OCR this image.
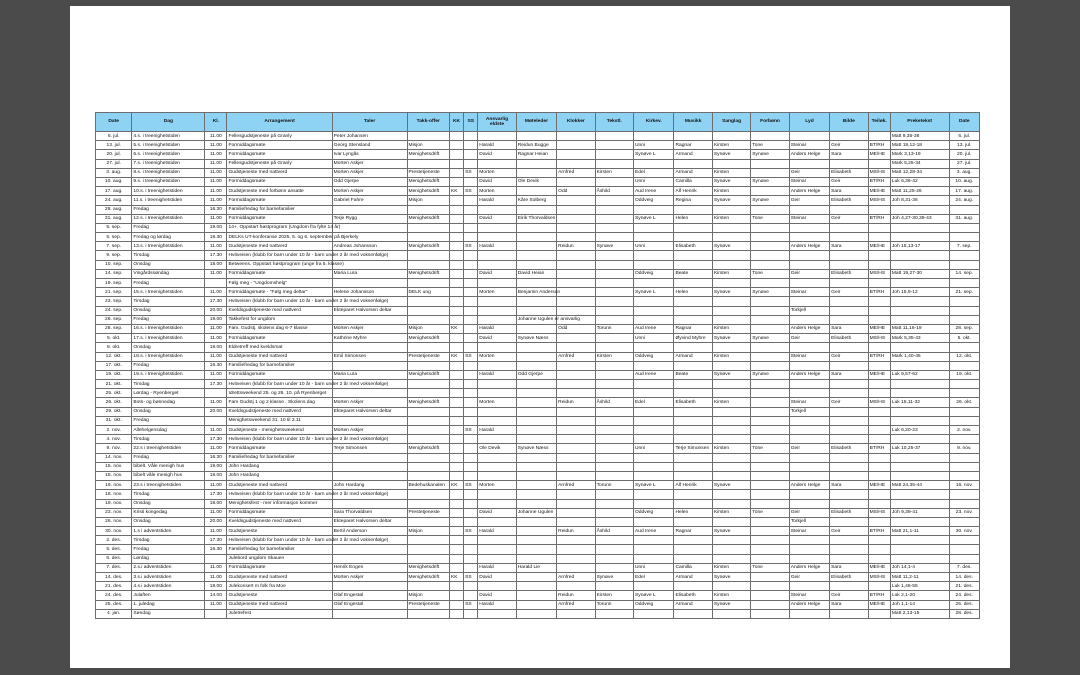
Date	Dag	Kl.	Arrangement	Taler	Takk-offer	KK	SS	Ansvarlig eldste	Møteleder	Klokker	Tekstl.	Kirkev.	Musikk	Sanglag	Forbønn	Lyd	Bilde	Teiløk.	Preketekst	Date
6. jul.	4.s. i treenighetstiden	11.00	Fellesgudstjeneste på Granly	Peter Johansen															Matt 9,35-38	6. jul.
13. jul.	5.s. i treenighetstiden	11.00	Formiddagsmøte	Georg Stensland	Misjon			Harald	Reidun Bugge			Unni	Ragnar	Kirsten	Tone	Steinar	Geir	BT/RH	Matt 18,12-18	13. jul.
20. jul.	6.s. i treenighetstiden	11.00	Formiddagsmøte	Ivar Lyngås	Menighetsdrift			David	Ragnar Heian			Synøve L	Armand	Synøve	Synøve	Anders Helge	Sara	ME/HE	Mark 3,13-19	20. jul.
27. jul.	7.s. i treenighetstiden	11.00	Fellesgudstjeneste på Granly	Morten Askjer															Mark 5,25-34	27. jul.
3. aug.	8.s. i treenighetstiden	11.00	Gudstjeneste med nattverd	Morten Askjer	Prestetjeneste		SS	Morten		Arnfred	Kirsten	Edel	Armand	Kirsten		Geir	Elisabeth	MS/HS	Matt 12,28-34	3. aug.
10. aug.	9.s. i treenighetstiden	11.00	Formiddagsmøte	Odd Gjerpe	Menighetsdrift			David	Ole Devik			Unni	Camilla	Synøve	Synøve	Steinar	Geir	BT/RH	Luk 6,36-42	10. aug.
17. aug.	10.s. i treenighetstiden	11.00	Gudstjeneste med forbønn ansatte	Morten Askjer	Menighetsdrift	KK	SS	Morten		Odd	Åshild	Aud Irene	Alf Henrik	Kirsten		Anders Helge	Sara	ME/HE	Matt 11,25-26	17. aug.
24. aug.	11.s. i treenighetstiden	11.00	Formiddagsmøte	Gabriel Fahre	Misjon			Harald	Kåre Solberg			Oddveig	Regina	Synøve	Synøve	Geir	Elisabeth	MS/HS	Joh 8,31-36	24. aug.
29. aug.	Fredag	16.30	Familiefredag for barnefamilier																	
31. aug.	12.s. i treenighetstiden	11.00	Formiddagsmøte	Terje Rygg	Menighetsdrift			David	Eirik Thorvaldsen			Synøve L	Helen	Kirsten	Tone	Steinar	Geir	BT/RH	Joh 4,27-30,39-43	31. aug.
5. sep.	Fredag	19.00	14+. Oppstart høstprogram (Ungdom fra fylte 14 år)																	
5. sep.	Fredag og lørdag	18.30	DELKs UT-konferanse 2025, 5. og 6. september på Bjerkely																	
7. sep.	13.s. i treenighetstiden	11.00	Gudstjeneste med nattverd	Andreas Johansson	Menighetsdrift		SS	Harald		Reidun	Synøve	Unni	Elisabeth	Synøve		Anders Helge	Sara	ME/HE	Joh 15,13-17	7. sep.
9. sep.	Tirsdag	17.30	Hvitveisen (klubb for barn under 10 år - barn under 2 år med voksenfølge)																	
10. sep.	Onsdag	18.00	Betweens. Oppstart høstprogram (unge fra 5. klasse)																	
14. sep.	Vingårdssøndag	11.00	Formiddagsmøte	Maria Lura	Menighetsdrift			David	David Heian			Oddveig	Beate	Kirsten	Tone	Geir	Elisabeth	MS/HS	Matt 19,27-30	14. sep.
19. sep.	Fredag		Følg meg - "Ungdomshelg"																	
21. sep.	15.s. i treenighetstiden	11.00	Formiddagsmøte - "Følg meg deltar"	Helene Johansson	DELK ung			Morten	Benjamin Anderson			Synøve L	Helen	Synøve	Synøve	Steinar	Geir	BT/RH	Joh 15,9-12	21. sep.
23. sep.	Tirsdag	17.30	Hvitveisen (klubb for barn under 10 år - barn under 2 år med voksenfølge)																	
24. sep.	Onsdag	20.00	Kveldsgudstjeneste med nattverd	Ekteparet Halvorsen deltar												Torkjell				
26. sep.	Fredag	19.00	Takkefest for ungdom						Johanne Ugulen er ansvarlig											
28. sep.	16.s. i treenighetstiden	11.00	Fam. Gudstj. skolens dag 6-7 klasse	Morten Askjer	Misjon	KK		Harald		Odd	Torunn	Aud Irene	Ragnar	Kirsten		Anders Helge	Sara	ME/HE	Matt 11,16-19	28. sep.
5. okt.	17.s. i treenighetstiden	11.00	Formiddagsmøte	Kathrine Myhre	Menighetsdrift			David	Synøve Næss			Unni	Øyvind Myhre	Synøve	Synøve	Geir	Elisabeth	MS/HS	Mark 5,35-43	5. okt.
8. okt.	Onsdag	18.00	Eldretreff med kveldsmat																	
12. okt.	18.s. i treenighetstiden	11.00	Gudstjeneste med nattverd	Emil Simonsen	Prestetjeneste	KK	SS	Morten		Arnfred	Kirsten	Oddveig	Armand	Kirsten		Steinar	Geir	BT/RH	Mark 1,40-45	12. okt.
17. okt.	Fredag	16.30	Familiefredag for barnefamilier																	
19. okt.	19.s. i treenighetstiden	11.00	Formiddagsmøte	Maria Lura	Menighetsdrift			Harald	Odd Gjerpe			Aud Irene	Beate	Synøve	Synøve	Anders Helge	Sara	ME/HE	Luk 9,57-62	19. okt.
21. okt.	Tirsdag	17.30	Hvitveisen (klubb for barn under 10 år - barn under 2 år med voksenfølge)																	
25. okt.	Lørdag - Ryenberget		Idrettsweekend 25. og 26. 10. på Ryenberget																	
26. okt.	Bots- og bønnedag	11.00	Fam Gudstj 1 og 2 klasse . Skolens dag	Morten Askjer	Menighetsdrift			Morten		Reidun	Åshild	Edel	Elisabeth	Kirsten		Steinar	Geir	MS/HS	Luk 15,11-32	26. okt.
29. okt.	Onsdag	20.00	Kveldsgudstjeneste med nattverd	Ekteparet Halvorsen deltar												Torkjell				
31. okt.	Fredag		Menighetsweekend 31. 10 til 2.11																	
2. nov.	Allehelgensdag	11.00	Gudstjeneste - menighetsweekend	Morten Askjer			SS	Harald											Luk 6,20-23	2. nov.
4. nov.	Tirsdag	17.30	Hvitveisen (klubb for barn under 10 år - barn under 2 år med voksenfølge)																	
9. nov.	22.s i treenighetstiden	11.00	Formiddagsmøte	Terje Simonsen	Menighetsdrift			Ole Devik	Synøve Næss			Unni	Terje Simonsen	Kirsten	Tone	Geir	Elisabeth	BT/RH	Luk 10,25-37	9. nov.
14. nov.	Fredag	16.30	Familiefredag for barnefamilier																	
15. nov.	bibelt. Våle menigh hus	19.00	John Hardang																	
15. nov.	bibelt våle menigh hus	18.00	John Hardang																	
16. nov.	23.s i treenighetstiden	11.00	Gudstjeneste med nattverd	John Hardang	Bedehuskanalen	KK	SS	Morten		Arnfred	Torunn	Synøve L	Alf Henrik	Synøve		Anders Helge	Sara	ME/HE	Matt 24,35-44	16. nov.
18. nov.	Tirsdag	17.30	Hvitveisen (klubb for barn under 10 år - barn under 2 år med voksenfølge)																	
19. nov.	Onsdag	18.00	Menighetsfest - mer informasjon kommer																	
23. nov.	Kristi kongedag	11.00	Formiddagsmøte	Sara Thorvaldsen	Prestetjeneste			David	Johanne Ugulen			Oddveig	Helen	Kirsten	Tone	Geir	Elisabeth	MS/HS	Joh 9,39-41	23. nov.
26. nov.	Onsdag	20.00	Kveldsgudstjeneste med nattverd	Ekteparet Halvorsen deltar												Torkjell				
30. nov.	1.s i adventstiden	11.00	Gudstjeneste	Bertil Anderson	Misjon		SS	Harald		Reidun	Åshild	Aud Irene	Ragnar	Synøve		Steinar	Geir	BT/RH	Matt 21,1-11	30. nov.
2. des.	Tirsdag	17.30	Hvitveisen (klubb for barn under 10 år - barn under 2 år med voksenfølge)																	
5. des.	Fredag	16.30	Familiefredag for barnefamilier																	
6. des.	Lørdag		Julebord ungdom Skauen																	
7. des.	2.s.i adventstiden	11.00	Formiddagsmøte	Henrik Engen	Menighetsdrift			Harald	Harald Lie			Unni	Camilla	Kirsten	Tone	Anders Helge	Sara	ME/HE	Joh 14,1-4	7. des.
14. des.	3.s.i adventstiden	11.00	Gudstjeneste med nattverd	Morten Askjer	Menighetsdrift	KK	SS	David		Arnfred	Synøve	Edel	Armand	Synøve		Geir	Elisabeth	MS/HS	Matt 11,2-11	14. des.
21. des.	4.s.i adventstiden	18.00	Julekonsert m folk fra Moe																Luk 1,46-55	21. des.
24. des.	Julaften	14.00	Gudstjeneste	Olaf Engestøl	Misjon			David		Reidun	Kirsten	Synøve L	Elisabeth	Kirsten		Steinar	Geir	BT/RH	Luk 2,1-20	24. des.
25. des.	1. juledag	11.00	Gudstjeneste med nattverd	Olaf Engestøl	Prestetjeneste		SS	Harald		Arnfred	Torunn	Oddveig	Armand	Synøve		Anders Helge	Sara	ME/HE	Joh 1,1-14	25. des.
4. jan.	Søndag		Juletrefest																Matt 2,13-15	28. des.
